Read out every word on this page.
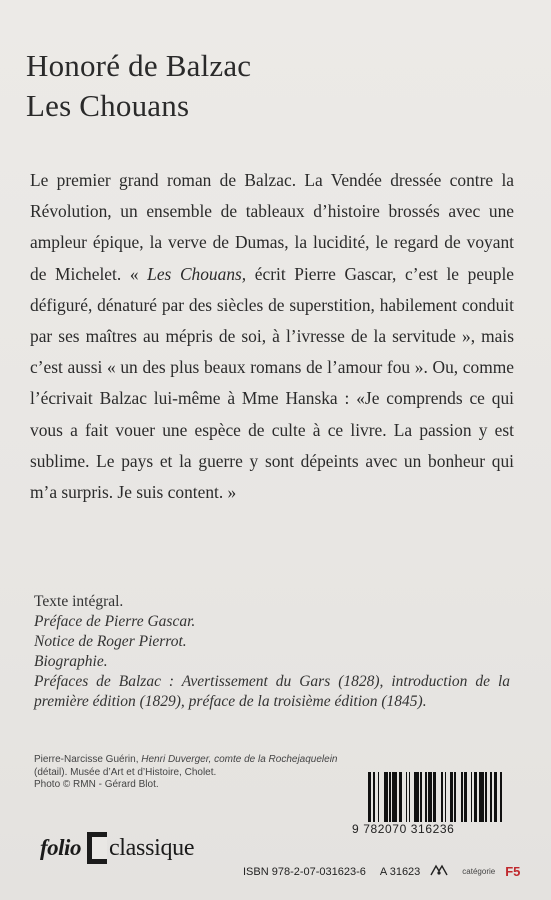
Honoré de Balzac
Les Chouans
Le premier grand roman de Balzac. La Vendée dressée contre la Révolution, un ensemble de tableaux d’histoire brossés avec une ampleur épique, la verve de Dumas, la lucidité, le regard de voyant de Michelet. « Les Chouans, écrit Pierre Gascar, c’est le peuple défiguré, dénaturé par des siècles de superstition, habilement conduit par ses maîtres au mépris de soi, à l’ivresse de la servitude », mais c’est aussi « un des plus beaux romans de l’amour fou ». Ou, comme l’écrivait Balzac lui-même à Mme Hanska : «Je comprends ce qui vous a fait vouer une espèce de culte à ce livre. La passion y est sublime. Le pays et la guerre y sont dépeints avec un bonheur qui m’a surpris. Je suis content. »
Texte intégral.
Préface de Pierre Gascar.
Notice de Roger Pierrot.
Biographie.
Préfaces de Balzac : Avertissement du Gars (1828), introduction de la première édition (1829), préface de la troisième édition (1845).
Pierre-Narcisse Guérin, Henri Duverger, comte de la Rochejaquelein (détail). Musée d’Art et d’Histoire, Cholet.
Photo © RMN - Gérard Blot.
9 782070 316236
folio classique
ISBN 978-2-07-031623-6 A 31623	catégorie F5
